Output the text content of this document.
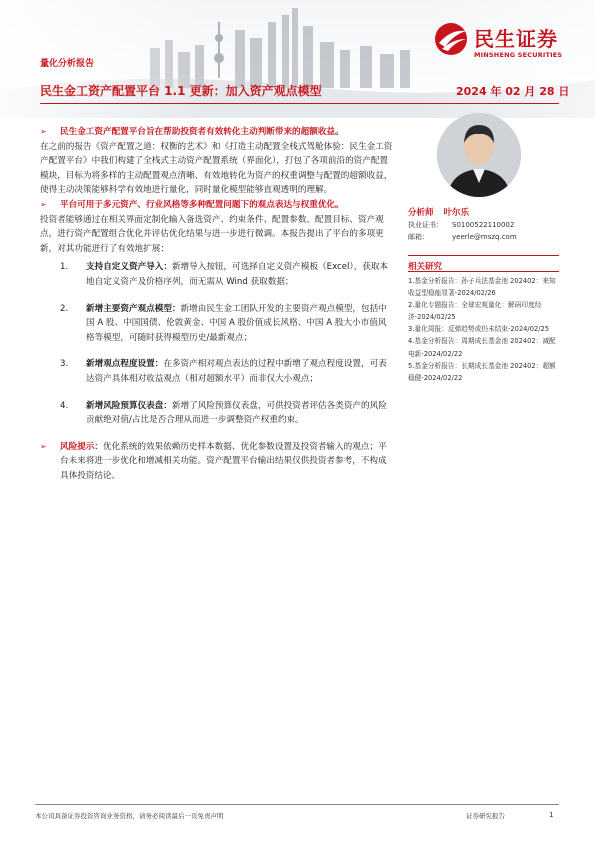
民生证券
MINSHENG SECURITIES
量化分析报告
民生金工资产配置平台 1.1 更新：加入资产观点模型	2024 年 02 月 28 日
➢	民生金工资产配置平台旨在帮助投资者有效转化主动判断带来的超额收益。

在之前的报告《资产配置之道：权衡的艺术》和《打造主动配置全栈式驾舱体验：民生金工资产配置平台》中我们构建了全栈式主动资产配置系统（界面化），打包了各项前沿的资产配置模块，目标为将多样的主动配置观点清晰、有效地转化为资产的权重调整与配置的超额收益，使得主动决策能够科学有效地进行量化，同时量化模型能够直观透明的理解。

➢	平台可用于多元资产、行业风格等多种配置问题下的观点表达与权重优化。

投资者能够通过在相关界面定制化输入备选资产、约束条件、配置参数、配置目标、资产观点，进行资产配置组合优化并评估优化结果与进一步进行微调。本报告提出了平台的多项更新，对其功能进行了有效地扩展：

1.	支持自定义资产导入：新增导入按钮，可选择自定义资产模板（Excel），获取本地自定义资产及价格序列，而无需从 Wind 获取数据；
2.	新增主要资产观点模型：新增由民生金工团队开发的主要资产观点模型，包括中国 A 股、中国国债、伦敦黄金、中国 A 股价值成长风格、中国 A 股大小市值风格等模型，可随时获得模型历史/最新观点；
3.	新增观点程度设置：在多资产相对观点表达的过程中新增了观点程度设置，可表达资产具体相对收益观点（相对超额水平）而非仅大小观点；
4.	新增风险预算仪表盘：新增了风险预算仪表盘，可供投资者评估各类资产的风险贡献绝对值/占比是否合理从而进一步调整资产权重约束。
➢	风险提示：优化系统的效果依赖历史样本数据、优化参数设置及投资者输入的观点；平台未来将进一步优化和增减相关功能。资产配置平台输出结果仅供投资者参考，不构成具体投资结论。
分析师 叶尔乐
执业证书： S0100522110002
邮箱：	yeerle@mszq.com
相关研究
1.基金分析报告：孙子兵法基金池 202402：来知收益型稳能显著-2024/02/26
2.量化专题报告：全球宏观量化：解码印度经济-2024/02/25
3.量化周报：反弹趋势或仍未结束-2024/02/25
4.基金分析报告：周期成长基金池 202402：减配电新-2024/02/22
5.基金分析报告：长期成长基金池 202402：超额稳健-2024/02/22
本公司具备证券投资咨询业务资格，请务必阅读最后一页免责声明	证券研究报告	1
